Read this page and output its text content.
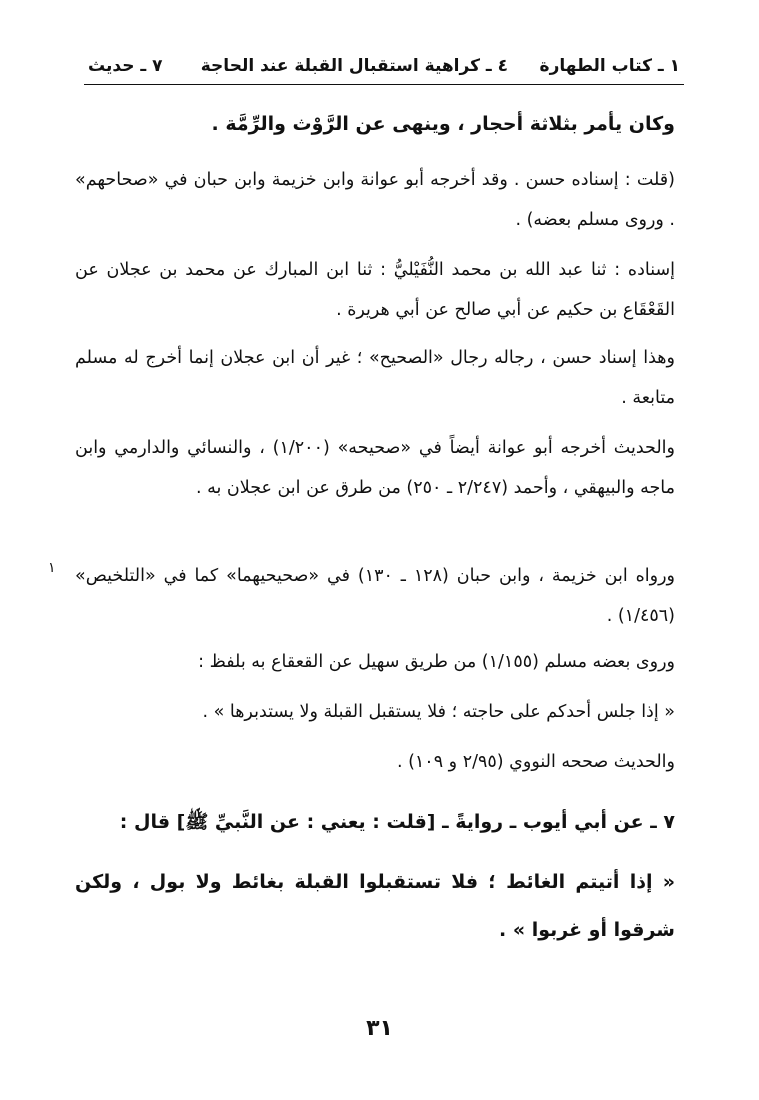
١ ـ كتاب الطهارة
٤ ـ كراهية استقبال القبلة عند الحاجة
٧ ـ حديث

وكان يأمر بثلاثة أحجار ، وينهى عن الرَّوْث والرِّمَّة .

(قلت : إسناده حسن . وقد أخرجه أبو عوانة وابن خزيمة وابن حبان في «صحاحهم» . وروى مسلم بعضه) .

إسناده : ثنا عبد الله بن محمد النُّفَيْليُّ : ثنا ابن المبارك عن محمد بن عجلان عن القَعْقَاع بن حكيم عن أبي صالح عن أبي هريرة .

وهذا إسناد حسن ، رجاله رجال «الصحيح» ؛ غير أن ابن عجلان إنما أخرج له مسلم متابعة .

والحديث أخرجه أبو عوانة أيضاً في «صحيحه» (١/٢٠٠) ، والنسائي والدارمي وابن ماجه والبيهقي ، وأحمد (٢/٢٤٧ ـ ٢٥٠) من طرق عن ابن عجلان به .

ورواه ابن خزيمة ، وابن حبان (١٢٨ ـ ١٣٠) في «صحيحيهما» كما في «التلخيص» (١/٤٥٦) .

وروى بعضه مسلم (١/١٥٥) من طريق سهيل عن القعقاع به بلفظ :

« إذا جلس أحدكم على حاجته ؛ فلا يستقبل القبلة ولا يستدبرها » .

والحديث صححه النووي (٢/٩٥ و ١٠٩) .

٧ ـ عن أبي أيوب ـ روايةً ـ [قلت : يعني : عن النَّبيِّ ﷺ] قال :

« إذا أتيتم الغائط ؛ فلا تستقبلوا القبلة بغائط ولا بول ، ولكن شرقوا أو غربوا » .

١
٣١
